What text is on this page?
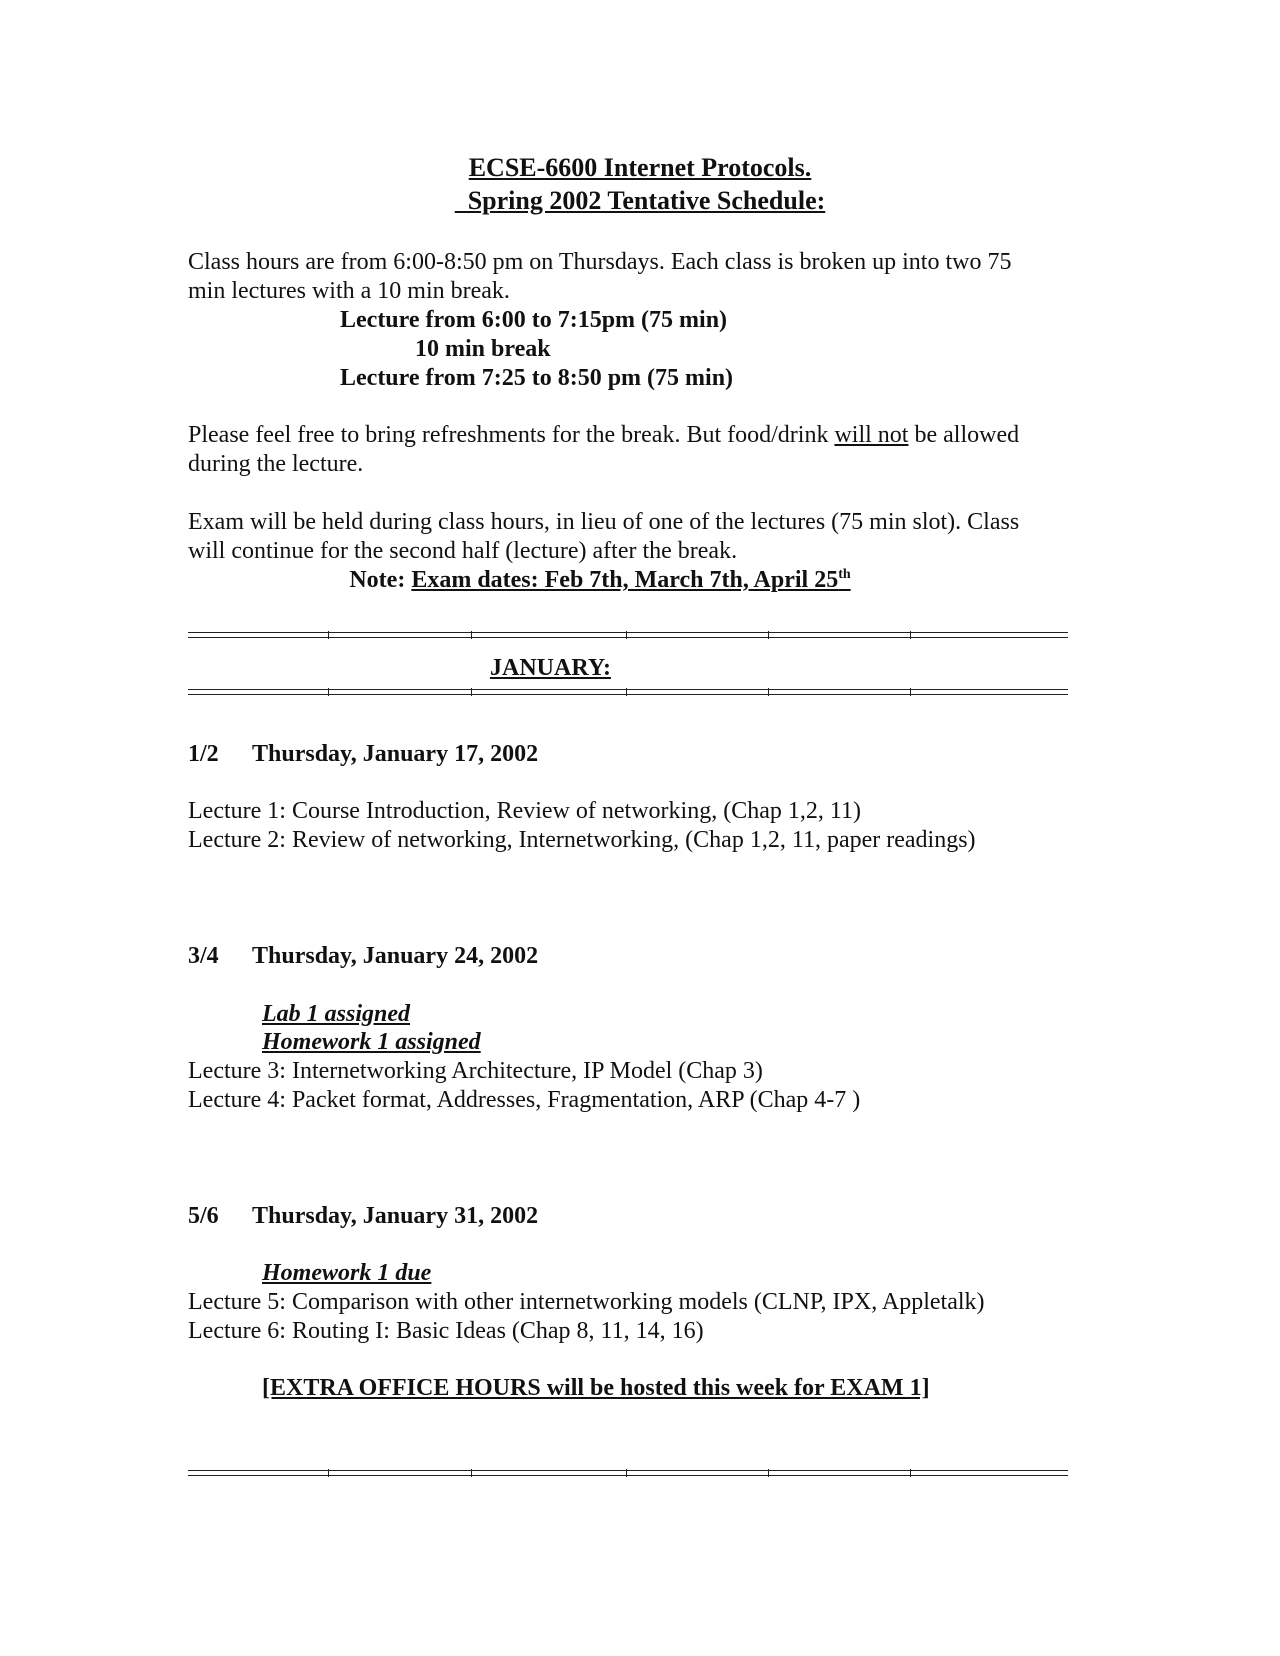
ECSE-6600 Internet Protocols.
Spring 2002 Tentative Schedule:
Class hours are from 6:00-8:50 pm on Thursdays. Each class is broken up into two 75
min lectures with a 10 min break.
Lecture from 6:00 to 7:15pm (75 min)
10 min break
Lecture from 7:25 to 8:50 pm (75 min)
Please feel free to bring refreshments for the break. But food/drink will not be allowed
during the lecture.
Exam will be held during class hours, in lieu of one of the lectures (75 min slot). Class
will continue for the second half (lecture) after the break.
Note: Exam dates: Feb 7th, March 7th, April 25th
JANUARY:
1/2 Thursday, January 17, 2002
Lecture 1: Course Introduction, Review of networking, (Chap 1,2, 11)
Lecture 2: Review of networking, Internetworking, (Chap 1,2, 11, paper readings)
3/4 Thursday, January 24, 2002
Lab 1 assigned
Homework 1 assigned
Lecture 3: Internetworking Architecture, IP Model (Chap 3)
Lecture 4: Packet format, Addresses, Fragmentation, ARP (Chap 4-7 )
5/6 Thursday, January 31, 2002
Homework 1 due
Lecture 5: Comparison with other internetworking models (CLNP, IPX, Appletalk)
Lecture 6: Routing I: Basic Ideas (Chap 8, 11, 14, 16)
[EXTRA OFFICE HOURS will be hosted this week for EXAM 1]
